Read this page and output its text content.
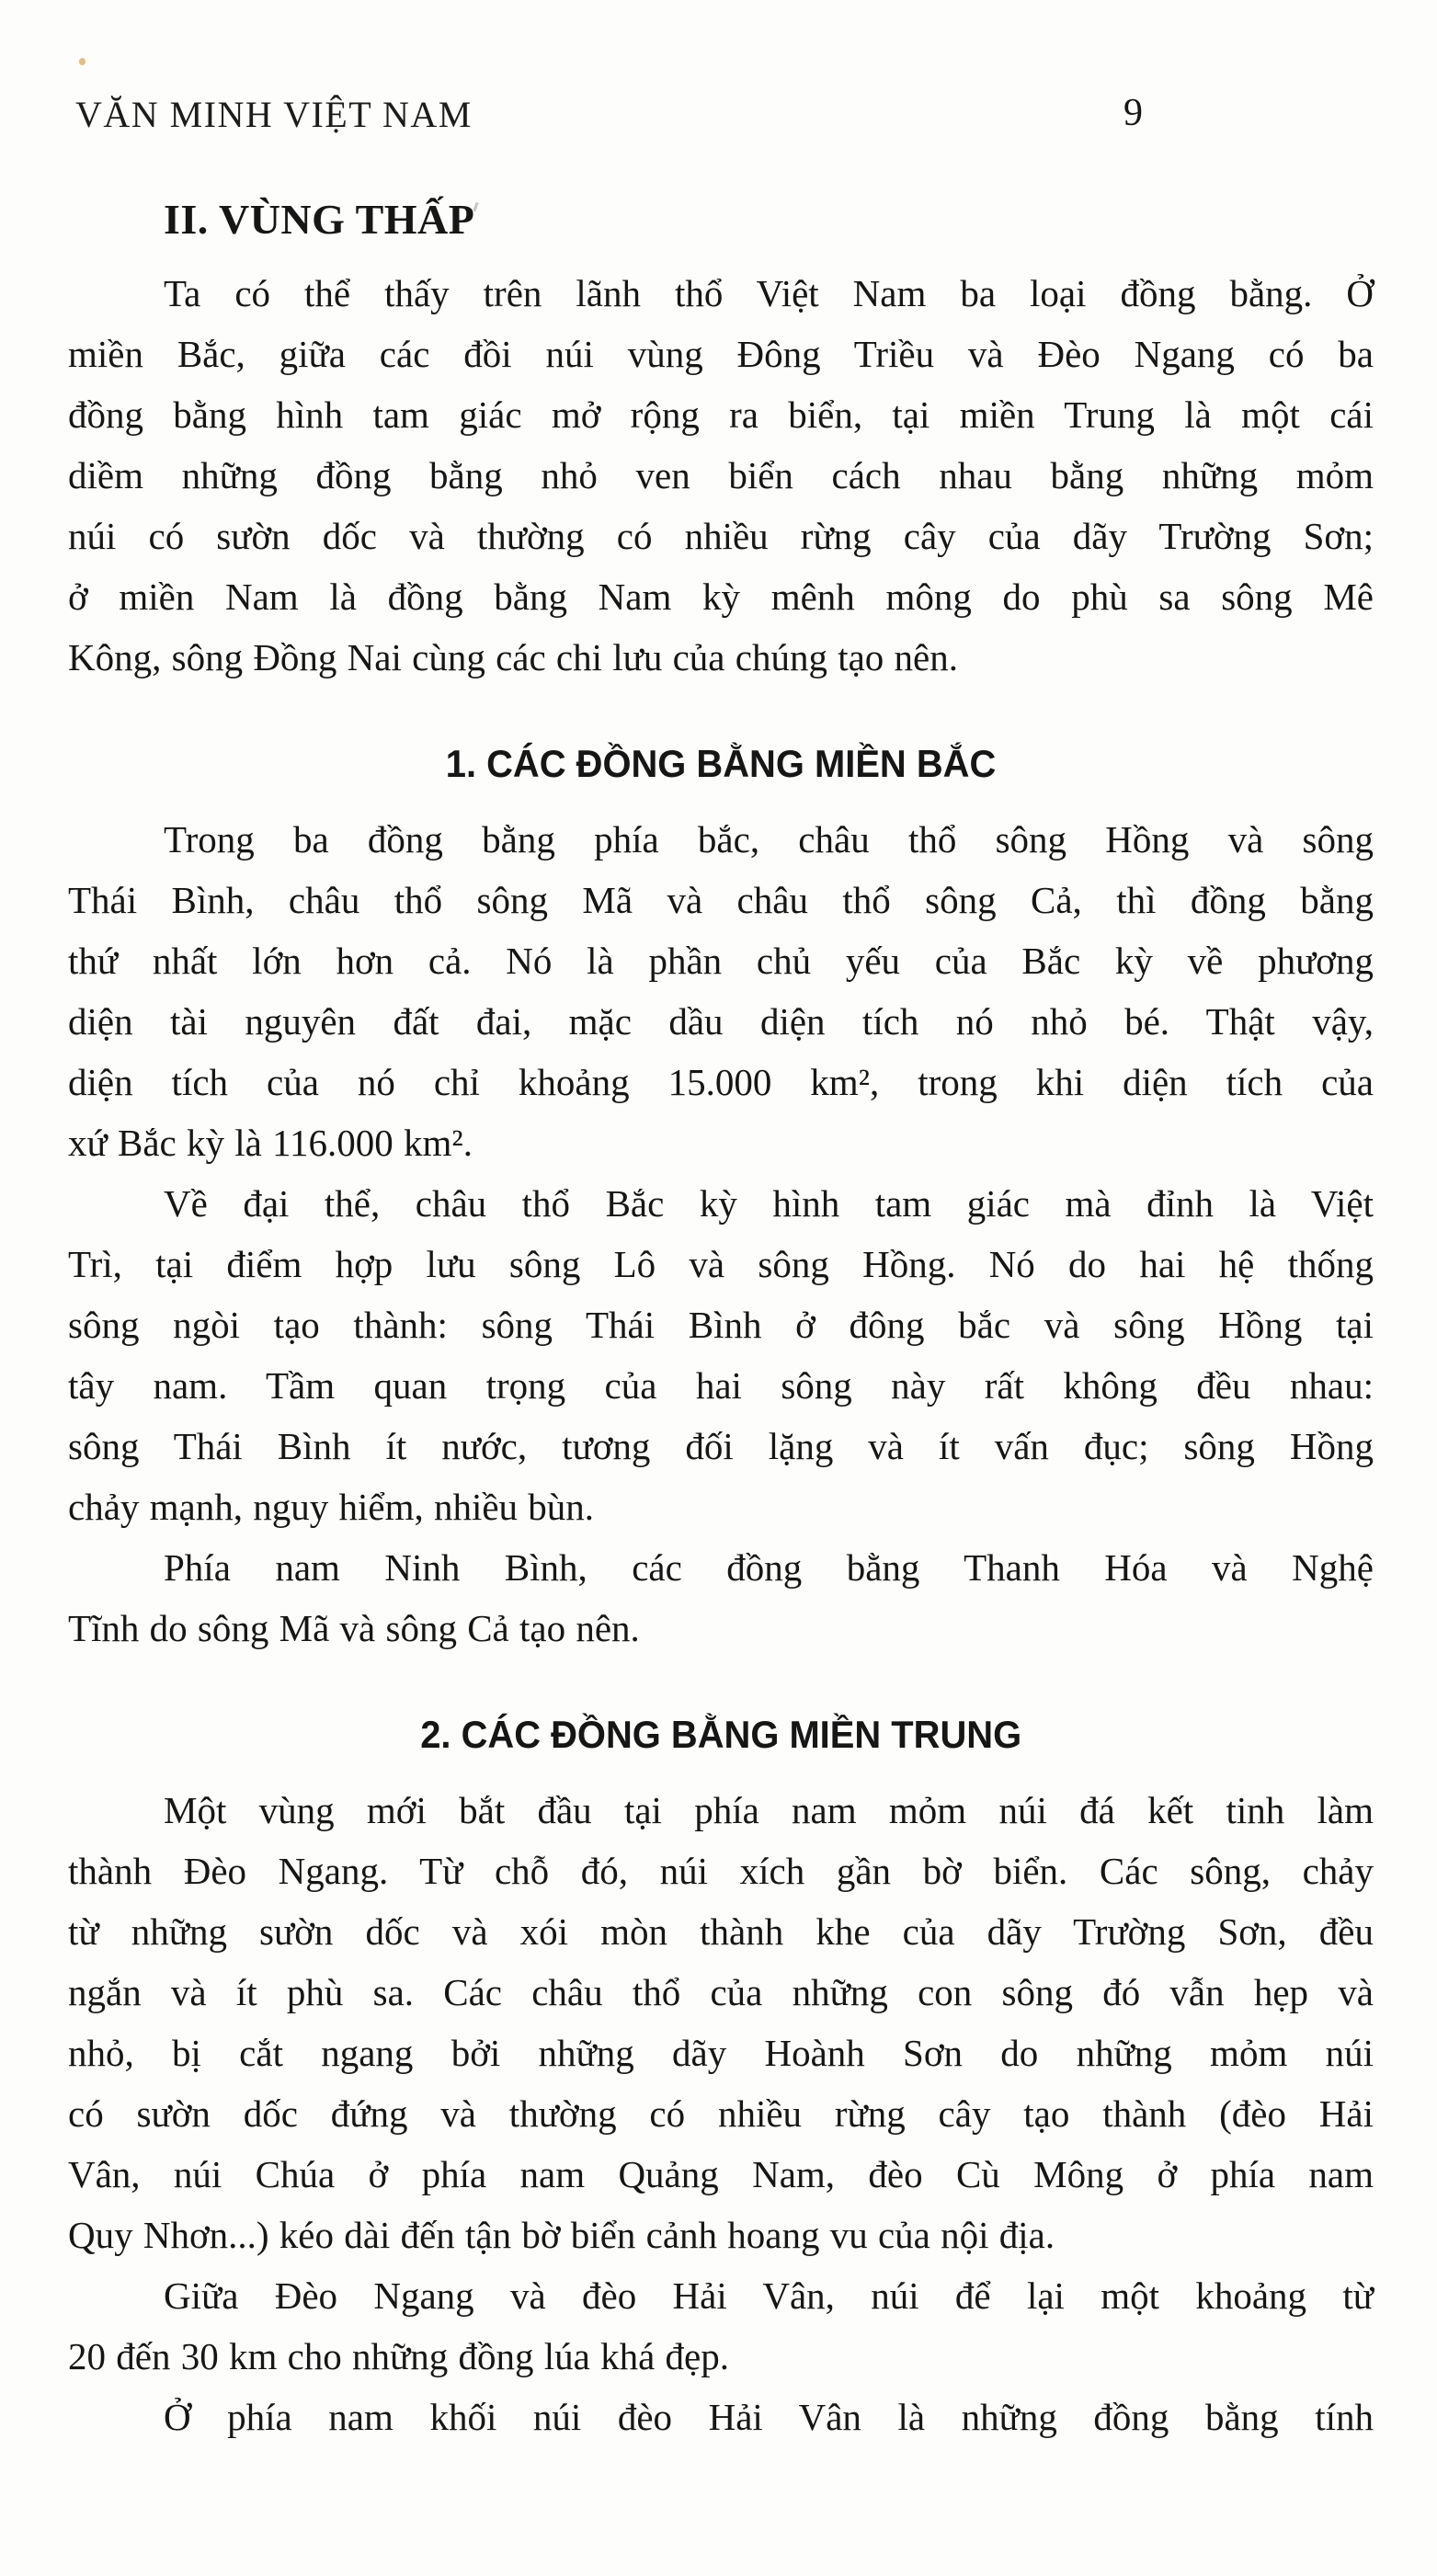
VĂN MINH VIỆT NAM	9
II. VÙNG THẤP
Ta có thể thấy trên lãnh thổ Việt Nam ba loại đồng bằng. Ở
miền Bắc, giữa các đồi núi vùng Đông Triều và Đèo Ngang có ba
đồng bằng hình tam giác mở rộng ra biển, tại miền Trung là một cái
diềm những đồng bằng nhỏ ven biển cách nhau bằng những mỏm
núi có sườn dốc và thường có nhiều rừng cây của dãy Trường Sơn;
ở miền Nam là đồng bằng Nam kỳ mênh mông do phù sa sông Mê
Kông, sông Đồng Nai cùng các chi lưu của chúng tạo nên.
1. CÁC ĐỒNG BẰNG MIỀN BẮC
Trong ba đồng bằng phía bắc, châu thổ sông Hồng và sông
Thái Bình, châu thổ sông Mã và châu thổ sông Cả, thì đồng bằng
thứ nhất lớn hơn cả. Nó là phần chủ yếu của Bắc kỳ về phương
diện tài nguyên đất đai, mặc dầu diện tích nó nhỏ bé. Thật vậy,
diện tích của nó chỉ khoảng 15.000 km², trong khi diện tích của
xứ Bắc kỳ là 116.000 km².
Về đại thể, châu thổ Bắc kỳ hình tam giác mà đỉnh là Việt
Trì, tại điểm hợp lưu sông Lô và sông Hồng. Nó do hai hệ thống
sông ngòi tạo thành: sông Thái Bình ở đông bắc và sông Hồng tại
tây nam. Tầm quan trọng của hai sông này rất không đều nhau:
sông Thái Bình ít nước, tương đối lặng và ít vấn đục; sông Hồng
chảy mạnh, nguy hiểm, nhiều bùn.
Phía nam Ninh Bình, các đồng bằng Thanh Hóa và Nghệ
Tĩnh do sông Mã và sông Cả tạo nên.
2. CÁC ĐỒNG BẰNG MIỀN TRUNG
Một vùng mới bắt đầu tại phía nam mỏm núi đá kết tinh làm
thành Đèo Ngang. Từ chỗ đó, núi xích gần bờ biển. Các sông, chảy
từ những sườn dốc và xói mòn thành khe của dãy Trường Sơn, đều
ngắn và ít phù sa. Các châu thổ của những con sông đó vẫn hẹp và
nhỏ, bị cắt ngang bởi những dãy Hoành Sơn do những mỏm núi
có sườn dốc đứng và thường có nhiều rừng cây tạo thành (đèo Hải
Vân, núi Chúa ở phía nam Quảng Nam, đèo Cù Mông ở phía nam
Quy Nhơn...) kéo dài đến tận bờ biển cảnh hoang vu của nội địa.
Giữa Đèo Ngang và đèo Hải Vân, núi để lại một khoảng từ
20 đến 30 km cho những đồng lúa khá đẹp.
Ở phía nam khối núi đèo Hải Vân là những đồng bằng tính
